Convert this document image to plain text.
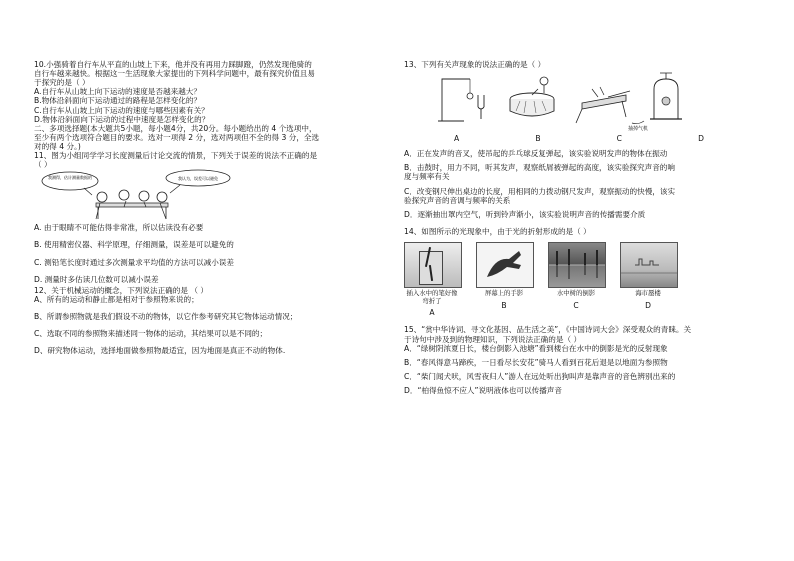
10.小强骑着自行车从平直的山坡上下来，他并没有再用力踩脚蹬，仍然发现他骑的

自行车越来越快。根据这一生活现象大家提出的下列科学问题中，最有探究价值且易

于探究的是（ ）

A.自行车从山坡上向下运动的速度是否越来越大？

B.物体沿斜面向下运动通过的路程是怎样变化的？

C.自行车从山坡上向下运动的速度与哪些因素有关？

D.物体沿斜面向下运动的过程中速度是怎样变化的？

二、多项选择题(本大题共5小题，每小题4分，共20分。每小题给出的 4 个选项中，

至少有两个选项符合题目的要求。选对一项得 2 分，选对两项但不全的得 3 分，全选

对的得 4 分。)

11、图为小组同学学习长度测量后讨论交流的情景，下列关于误差的说法不正确的是

（ ）

我测得，估计测量数据的	我认为，误差可以避免

A. 由于眼睛不可能估得非常准，所以估读没有必要

B. 使用精密仪器、科学原理，仔细测量，误差是可以避免的

C. 测铅笔长度时通过多次测量求平均值的方法可以减小误差

D. 测量时多估读几位数可以减小误差

12、关于机械运动的概念，下列说法正确的是 （ ）

A、所有的运动和静止都是相对于参照物来说的；

B、所谓参照物就是我们假设不动的物体，以它作参考研究其它物体运动情况；

C、选取不同的参照物来描述同一物体的运动，其结果可以是不同的；

D、研究物体运动，选择地面做参照物最适宜，因为地面是真正不动的物体.

13、下列有关声现象的说法正确的是（ ）

抽掉气机
A	B	C	D

A．正在发声的音叉，使吊起的乒乓球反复弹起，该实验说明发声的物体在振动

B．击鼓时，用力不同，听其发声，观察纸屑被弹起的高度，该实验探究声音的响

度与频率有关

C．改变钢尺伸出桌边的长度，用相同的力拨动钢尺发声，观察振动的快慢，该实

验探究声音的音调与频率的关系

D．逐渐抽出罩内空气，听到铃声渐小，该实验说明声音的传播需要介质

14、如图所示的光现象中，由于光的折射形成的是（ ）

插入水中的笔好像弯折了
A
屏幕上的手影
B
水中树的倒影
C
海市蜃楼
D

15、“赏中华诗词、寻文化基因、品生活之美”，《中国诗词大会》深受观众的青睐。关

于诗句中涉及到的物理知识，下列说法正确的是（ ）

A．“绿树阴浓夏日长，楼台倒影入池塘”看到楼台在水中的倒影是光的反射现象

B．“春风得意马蹄疾，一日看尽长安花”骑马人看到百花后退是以地面为参照物

C．“柴门闻犬吠，风雪夜归人”游人在远处听出狗叫声是靠声音的音色辨别出来的

D．“柏得鱼惊不应人”说明液体也可以传播声音
